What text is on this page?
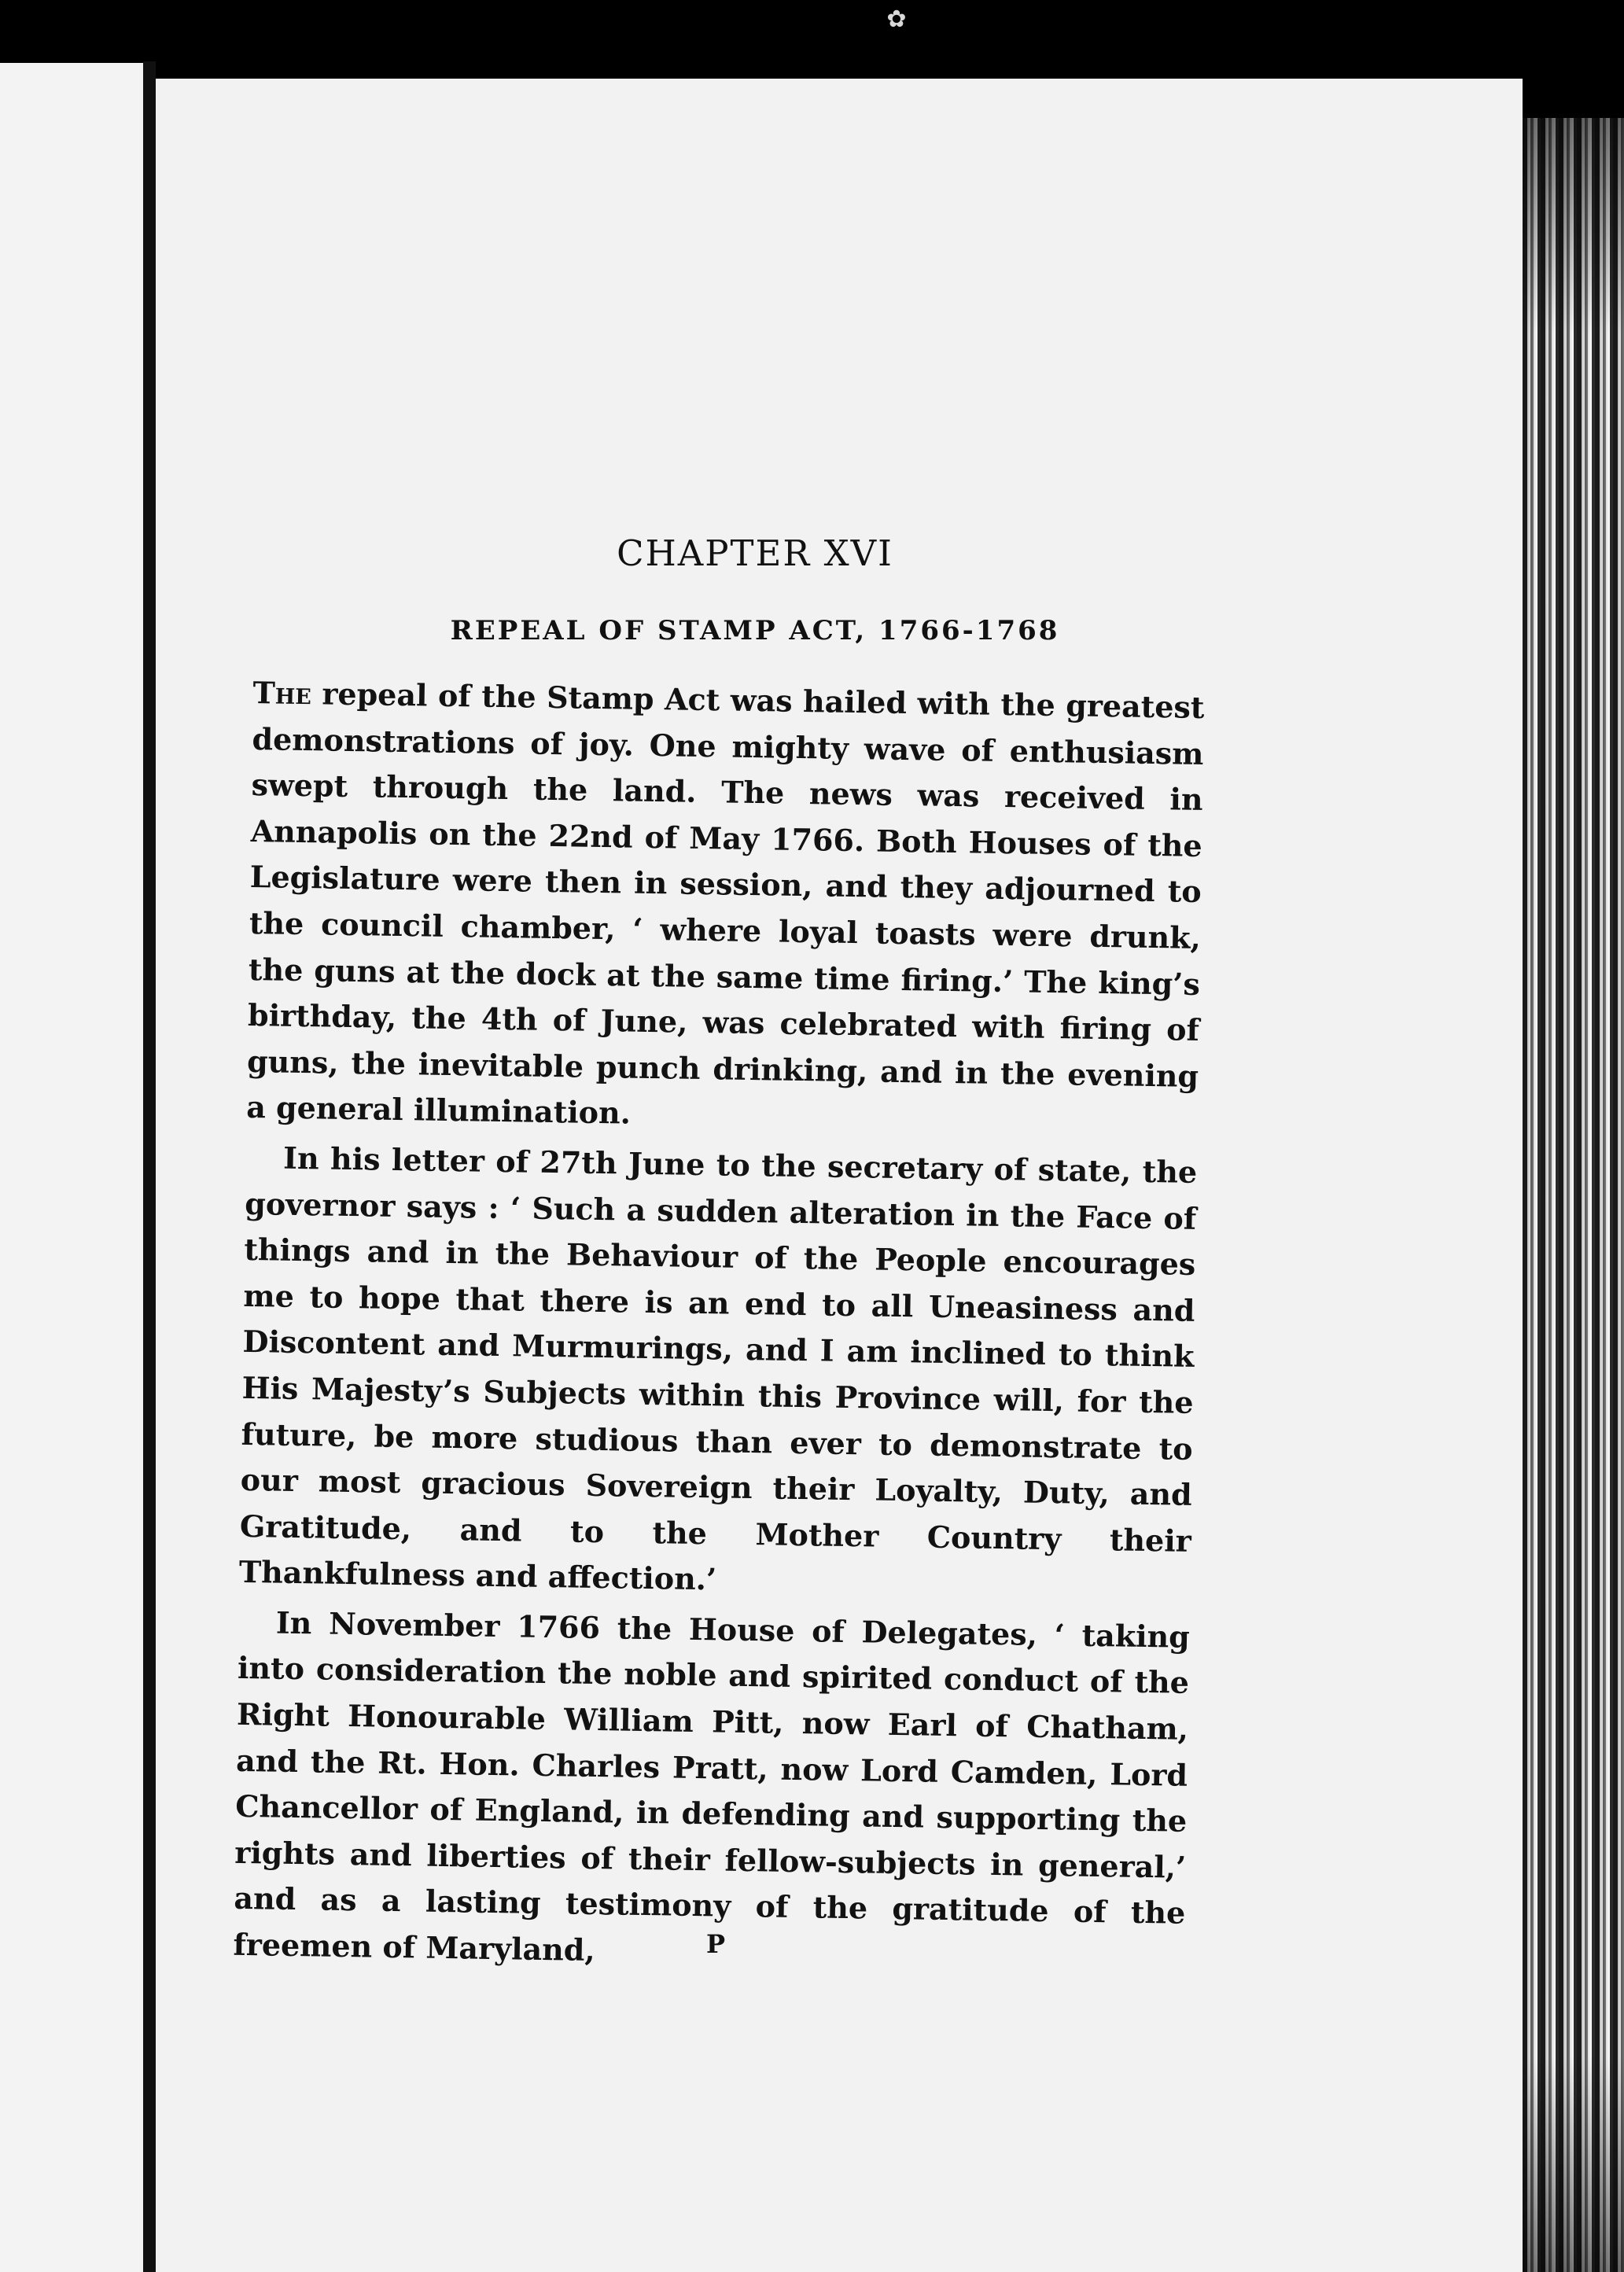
✿
CHAPTER XVI
REPEAL OF STAMP ACT, 1766-1768

The repeal of the Stamp Act was hailed with the greatest demonstrations of joy. One mighty wave of enthusiasm swept through the land. The news was received in Annapolis on the 22nd of May 1766. Both Houses of the Legislature were then in session, and they adjourned to the council chamber, ‘ where loyal toasts were drunk, the guns at the dock at the same time firing.’ The king’s birthday, the 4th of June, was celebrated with firing of guns, the inevitable punch drinking, and in the evening a general illumination.

In his letter of 27th June to the secretary of state, the governor says : ‘ Such a sudden alteration in the Face of things and in the Behaviour of the People encourages me to hope that there is an end to all Uneasiness and Discontent and Murmurings, and I am inclined to think His Majesty’s Subjects within this Province will, for the future, be more studious than ever to demonstrate to our most gracious Sovereign their Loyalty, Duty, and Gratitude, and to the Mother Country their Thankfulness and affection.’

In November 1766 the House of Delegates, ‘ taking into consideration the noble and spirited conduct of the Right Honourable William Pitt, now Earl of Chatham, and the Rt. Hon. Charles Pratt, now Lord Camden, Lord Chancellor of England, in defending and supporting the rights and liberties of their fellow-subjects in general,’ and as a lasting testimony of the gratitude of the freemen of Maryland,	P
